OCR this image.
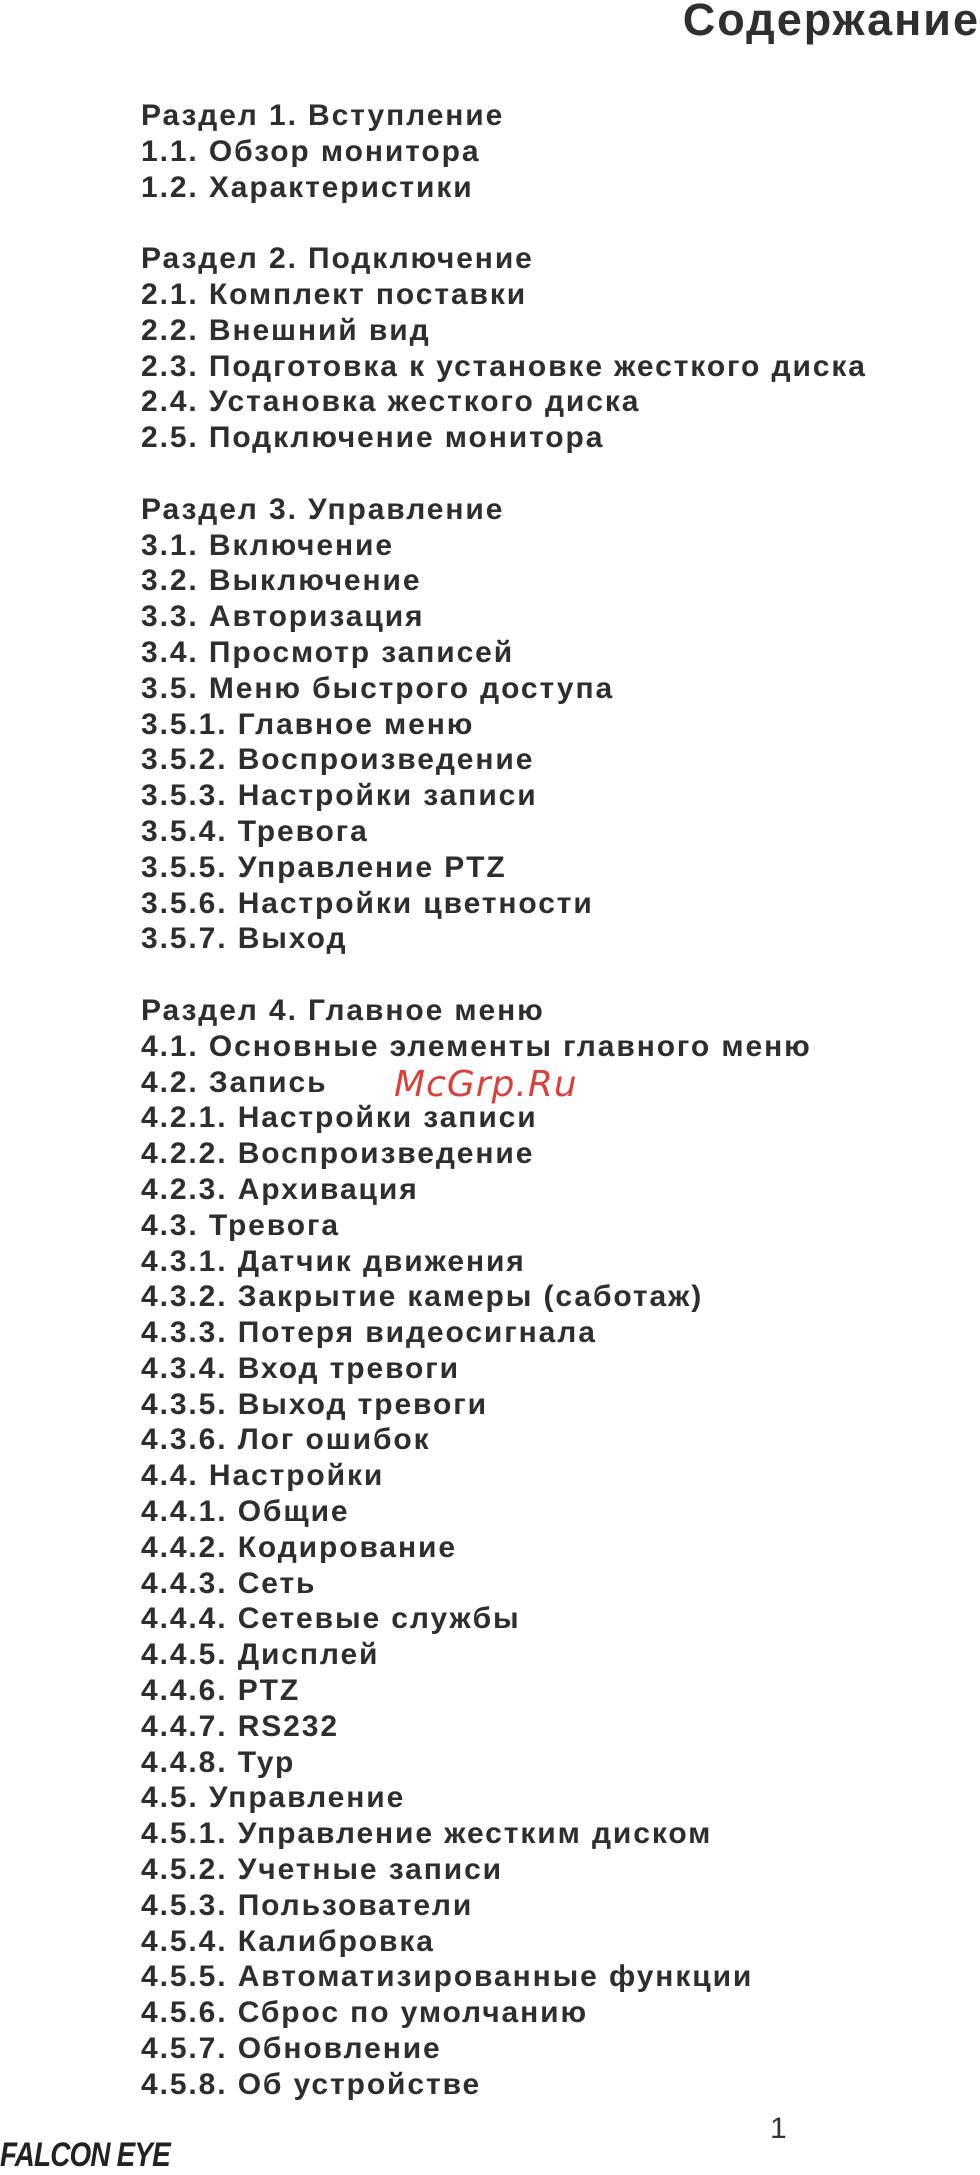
Содержание
Раздел 1. Вступление
1.1. Обзор монитора
1.2. Характеристики
Раздел 2. Подключение
2.1. Комплект поставки
2.2. Внешний вид
2.3. Подготовка к установке жесткого диска
2.4. Установка жесткого диска
2.5. Подключение монитора
Раздел 3. Управление
3.1. Включение
3.2. Выключение
3.3. Авторизация
3.4. Просмотр записей
3.5. Меню быстрого доступа
3.5.1. Главное меню
3.5.2. Воспроизведение
3.5.3. Настройки записи
3.5.4. Тревога
3.5.5. Управление PTZ
3.5.6. Настройки цветности
3.5.7. Выход
Раздел 4. Главное меню
4.1. Основные элементы главного меню
4.2. Запись
4.2.1. Настройки записи
4.2.2. Воспроизведение
4.2.3. Архивация
4.3. Тревога
4.3.1. Датчик движения
4.3.2. Закрытие камеры (саботаж)
4.3.3. Потеря видеосигнала
4.3.4. Вход тревоги
4.3.5. Выход тревоги
4.3.6. Лог ошибок
4.4. Настройки
4.4.1. Общие
4.4.2. Кодирование
4.4.3. Сеть
4.4.4. Сетевые службы
4.4.5. Дисплей
4.4.6. PTZ
4.4.7. RS232
4.4.8. Тур
4.5. Управление
4.5.1. Управление жестким диском
4.5.2. Учетные записи
4.5.3. Пользователи
4.5.4. Калибровка
4.5.5. Автоматизированные функции
4.5.6. Сброс по умолчанию
4.5.7. Обновление
4.5.8. Об устройстве
McGrp.Ru
1
FALCON EYE
